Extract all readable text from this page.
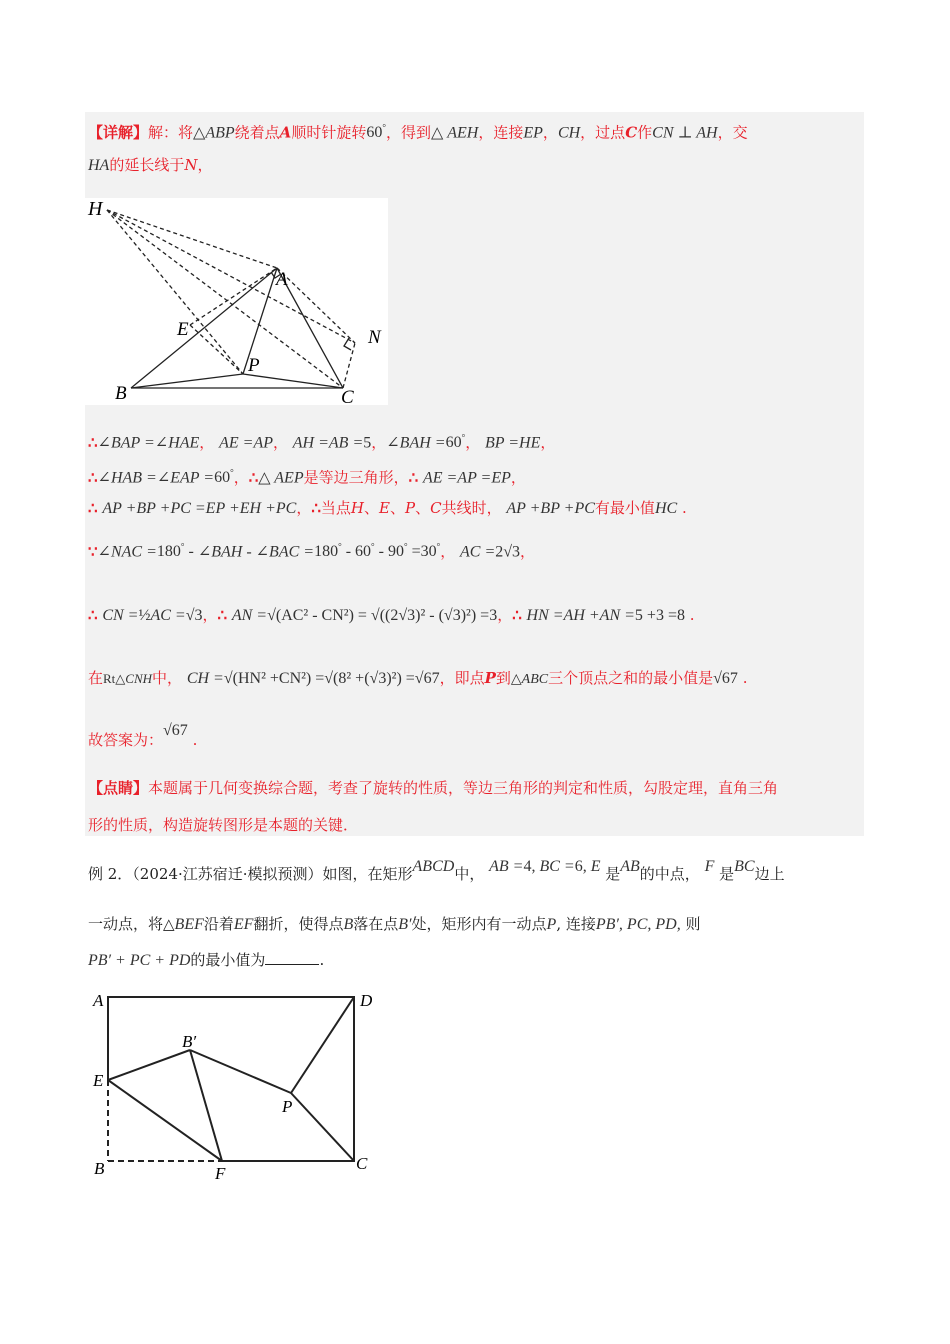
【详解】解：将△ABP绕着点A顺时针旋转60°，得到△ AEH，连接EP，CH，过点C作CN ⊥ AH，交
HA的延长线于N，
H
A
E	N
P
B	C
∴∠BAP =∠HAE， AE =AP， AH =AB =5，∠BAH =60°， BP =HE，
∴∠HAB =∠EAP =60°，∴△ AEP是等边三角形，∴ AE =AP =EP，
∴ AP +BP +PC =EP +EH +PC，∴当点H、E、P、C共线时， AP +BP +PC有最小值HC .
∵∠NAC =180° - ∠BAH - ∠BAC =180° - 60° - 90° =30°， AC =2√3，
∴ CN =½AC =√3，∴ AN =√(AC² - CN²) = √((2√3)² - (√3)²) =3，∴ HN =AH +AN =5 +3 =8 .
在Rt△CNH中， CH =√(HN² +CN²) =√(8² +(√3)²) =√67，即点P到△ABC三个顶点之和的最小值是√67 .
故答案为：√67 .
【点睛】本题属于几何变换综合题，考查了旋转的性质，等边三角形的判定和性质，勾股定理，直角三角
形的性质，构造旋转图形是本题的关键．
例 2．（2024·江苏宿迁·模拟预测）如图，在矩形ABCD中， AB =4, BC =6, E 是AB的中点， F 是BC边上
一动点，将△BEF沿着EF翻折，使得点B落在点B′处，矩形内有一动点P, 连接PB′, PC, PD, 则
PB′ + PC + PD的最小值为	.
A	D
B′
E
P
B	F
C
